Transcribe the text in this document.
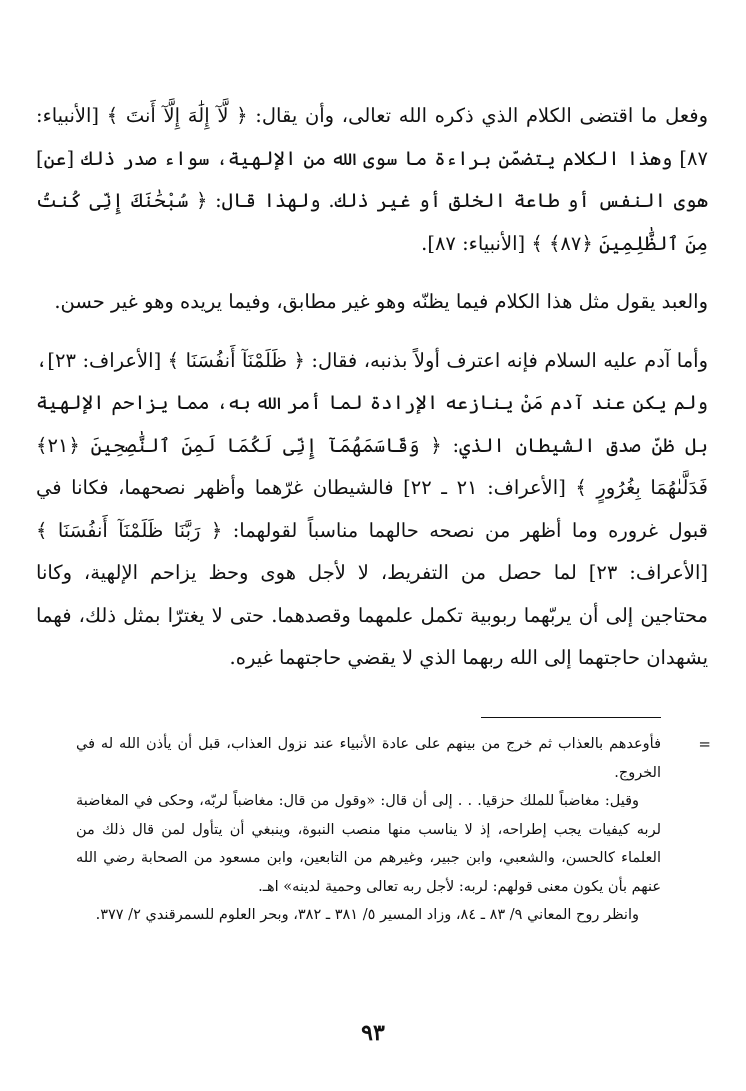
وفعل ما اقتضى الكلام الذي ذكره الله تعالى، وأن يقال: ﴿ لَّآ إِلَٰهَ إِلَّآ أَنتَ ﴾ [الأنبياء: ٨٧] وهذا الكلام يتضمّن براءة ما سوى الله من الإلهية، سواء صدر ذلك [عن] هوى النفس أو طاعة الخلق أو غير ذلك. ولهذا قال: ﴿ سُبْحَٰنَكَ إِنِّى كُنتُ مِنَ ٱلظَّٰلِمِينَ ﴿٨٧﴾ ﴾ [الأنبياء: ٨٧].

والعبد يقول مثل هذا الكلام فيما يظنّه وهو غير مطابق، وفيما يريده وهو غير حسن.

وأما آدم عليه السلام فإنه اعترف أولاً بذنبه، فقال: ﴿ ظَلَمْنَآ أَنفُسَنَا ﴾ [الأعراف: ٢٣]، ولم يكن عند آدم مَنْ ينازعه الإرادة لما أمر الله به، مما يزاحم الإلهية بل ظنّ صدق الشيطان الذي: ﴿ وَقَاسَمَهُمَآ إِنِّى لَكُمَا لَمِنَ ٱلنَّٰصِحِينَ ﴿٢١﴾ فَدَلَّىٰهُمَا بِغُرُورٍ ﴾ [الأعراف: ٢١ ـ ٢٢] فالشيطان غرّهما وأظهر نصحهما، فكانا في قبول غروره وما أظهر من نصحه حالهما مناسباً لقولهما: ﴿ رَبَّنَا ظَلَمْنَآ أَنفُسَنَا ﴾ [الأعراف: ٢٣] لما حصل من التفريط، لا لأجل هوى وحظ يزاحم الإلهية، وكانا محتاجين إلى أن يربّهما ربوبية تكمل علمهما وقصدهما. حتى لا يغترّا بمثل ذلك، فهما يشهدان حاجتهما إلى الله ربهما الذي لا يقضي حاجتهما غيره.

=

فأوعدهم بالعذاب ثم خرج من بينهم على عادة الأنبياء عند نزول العذاب، قبل أن يأذن الله له في الخروج.

وقيل: مغاضباً للملك حزقيا. . . إلى أن قال: «وقول من قال: مغاضباً لربّه، وحكى في المغاضبة لربه كيفيات يجب إطراحه، إذ لا يناسب منها منصب النبوة، وينبغي أن يتأول لمن قال ذلك من العلماء كالحسن، والشعبي، وابن جبير، وغيرهم من التابعين، وابن مسعود من الصحابة رضي الله عنهم بأن يكون معنى قولهم: لربه: لأجل ربه تعالى وحمية لدينه» اهـ.

وانظر روح المعاني ٩/ ٨٣ ـ ٨٤، وزاد المسير ٥/ ٣٨١ ـ ٣٨٢، وبحر العلوم للسمرقندي ٢/ ٣٧٧.

٩٣
